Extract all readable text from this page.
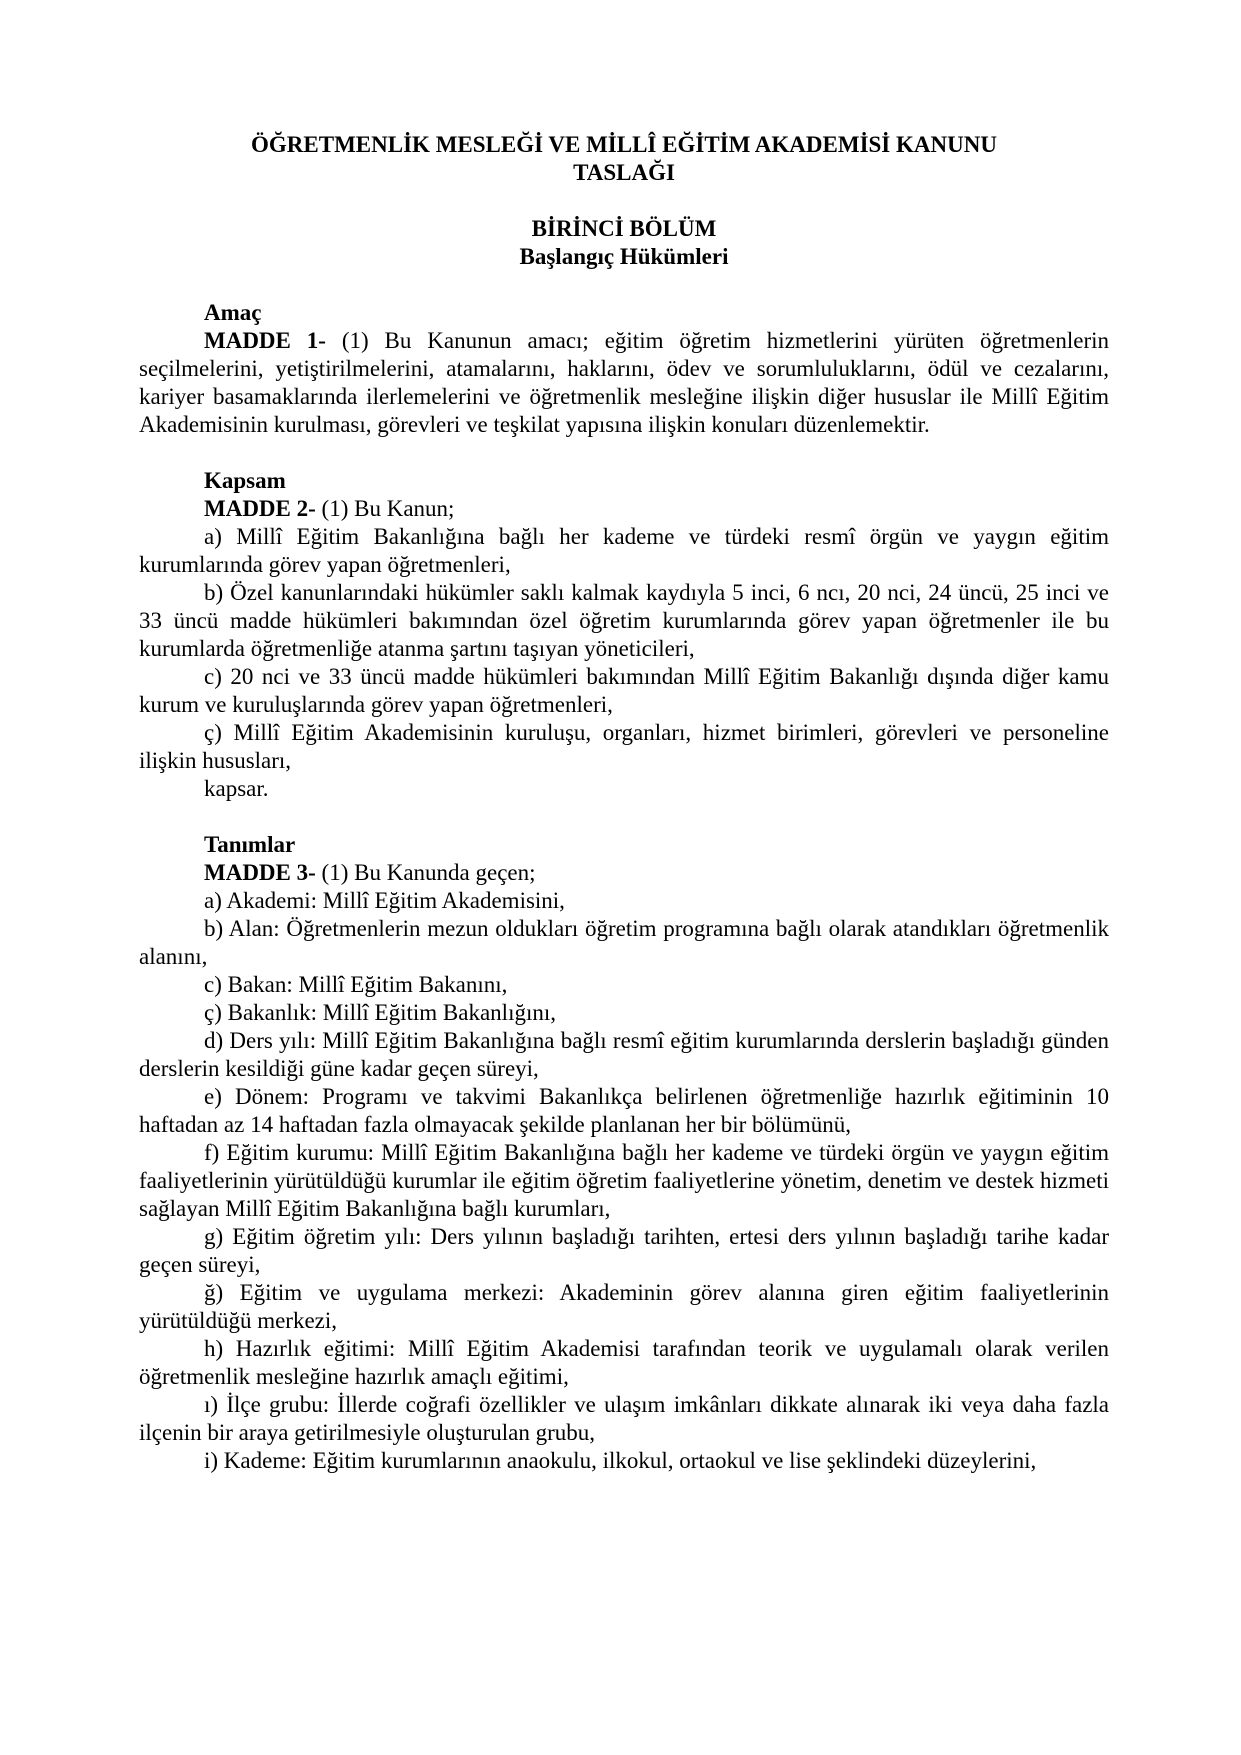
ÖĞRETMENLİK MESLEĞİ VE MİLLÎ EĞİTİM AKADEMİSİ KANUNU
TASLAĞI

BİRİNCİ BÖLÜM
Başlangıç Hükümleri

Amaç

MADDE 1- (1) Bu Kanunun amacı; eğitim öğretim hizmetlerini yürüten öğretmenlerin seçilmelerini, yetiştirilmelerini, atamalarını, haklarını, ödev ve sorumluluklarını, ödül ve cezalarını, kariyer basamaklarında ilerlemelerini ve öğretmenlik mesleğine ilişkin diğer hususlar ile Millî Eğitim Akademisinin kurulması, görevleri ve teşkilat yapısına ilişkin konuları düzenlemektir.

Kapsam

MADDE 2- (1) Bu Kanun;

a) Millî Eğitim Bakanlığına bağlı her kademe ve türdeki resmî örgün ve yaygın eğitim kurumlarında görev yapan öğretmenleri,

b) Özel kanunlarındaki hükümler saklı kalmak kaydıyla 5 inci, 6 ncı, 20 nci, 24 üncü, 25 inci ve 33 üncü madde hükümleri bakımından özel öğretim kurumlarında görev yapan öğretmenler ile bu kurumlarda öğretmenliğe atanma şartını taşıyan yöneticileri,

c) 20 nci ve 33 üncü madde hükümleri bakımından Millî Eğitim Bakanlığı dışında diğer kamu kurum ve kuruluşlarında görev yapan öğretmenleri,

ç) Millî Eğitim Akademisinin kuruluşu, organları, hizmet birimleri, görevleri ve personeline ilişkin hususları,

kapsar.

Tanımlar

MADDE 3- (1) Bu Kanunda geçen;

a) Akademi: Millî Eğitim Akademisini,

b) Alan: Öğretmenlerin mezun oldukları öğretim programına bağlı olarak atandıkları öğretmenlik alanını,

c) Bakan: Millî Eğitim Bakanını,

ç) Bakanlık: Millî Eğitim Bakanlığını,

d) Ders yılı: Millî Eğitim Bakanlığına bağlı resmî eğitim kurumlarında derslerin başladığı günden derslerin kesildiği güne kadar geçen süreyi,

e) Dönem: Programı ve takvimi Bakanlıkça belirlenen öğretmenliğe hazırlık eğitiminin 10 haftadan az 14 haftadan fazla olmayacak şekilde planlanan her bir bölümünü,

f) Eğitim kurumu: Millî Eğitim Bakanlığına bağlı her kademe ve türdeki örgün ve yaygın eğitim faaliyetlerinin yürütüldüğü kurumlar ile eğitim öğretim faaliyetlerine yönetim, denetim ve destek hizmeti sağlayan Millî Eğitim Bakanlığına bağlı kurumları,

g) Eğitim öğretim yılı: Ders yılının başladığı tarihten, ertesi ders yılının başladığı tarihe kadar geçen süreyi,

ğ) Eğitim ve uygulama merkezi: Akademinin görev alanına giren eğitim faaliyetlerinin yürütüldüğü merkezi,

h) Hazırlık eğitimi: Millî Eğitim Akademisi tarafından teorik ve uygulamalı olarak verilen öğretmenlik mesleğine hazırlık amaçlı eğitimi,

ı) İlçe grubu: İllerde coğrafi özellikler ve ulaşım imkânları dikkate alınarak iki veya daha fazla ilçenin bir araya getirilmesiyle oluşturulan grubu,

i) Kademe: Eğitim kurumlarının anaokulu, ilkokul, ortaokul ve lise şeklindeki düzeylerini,
